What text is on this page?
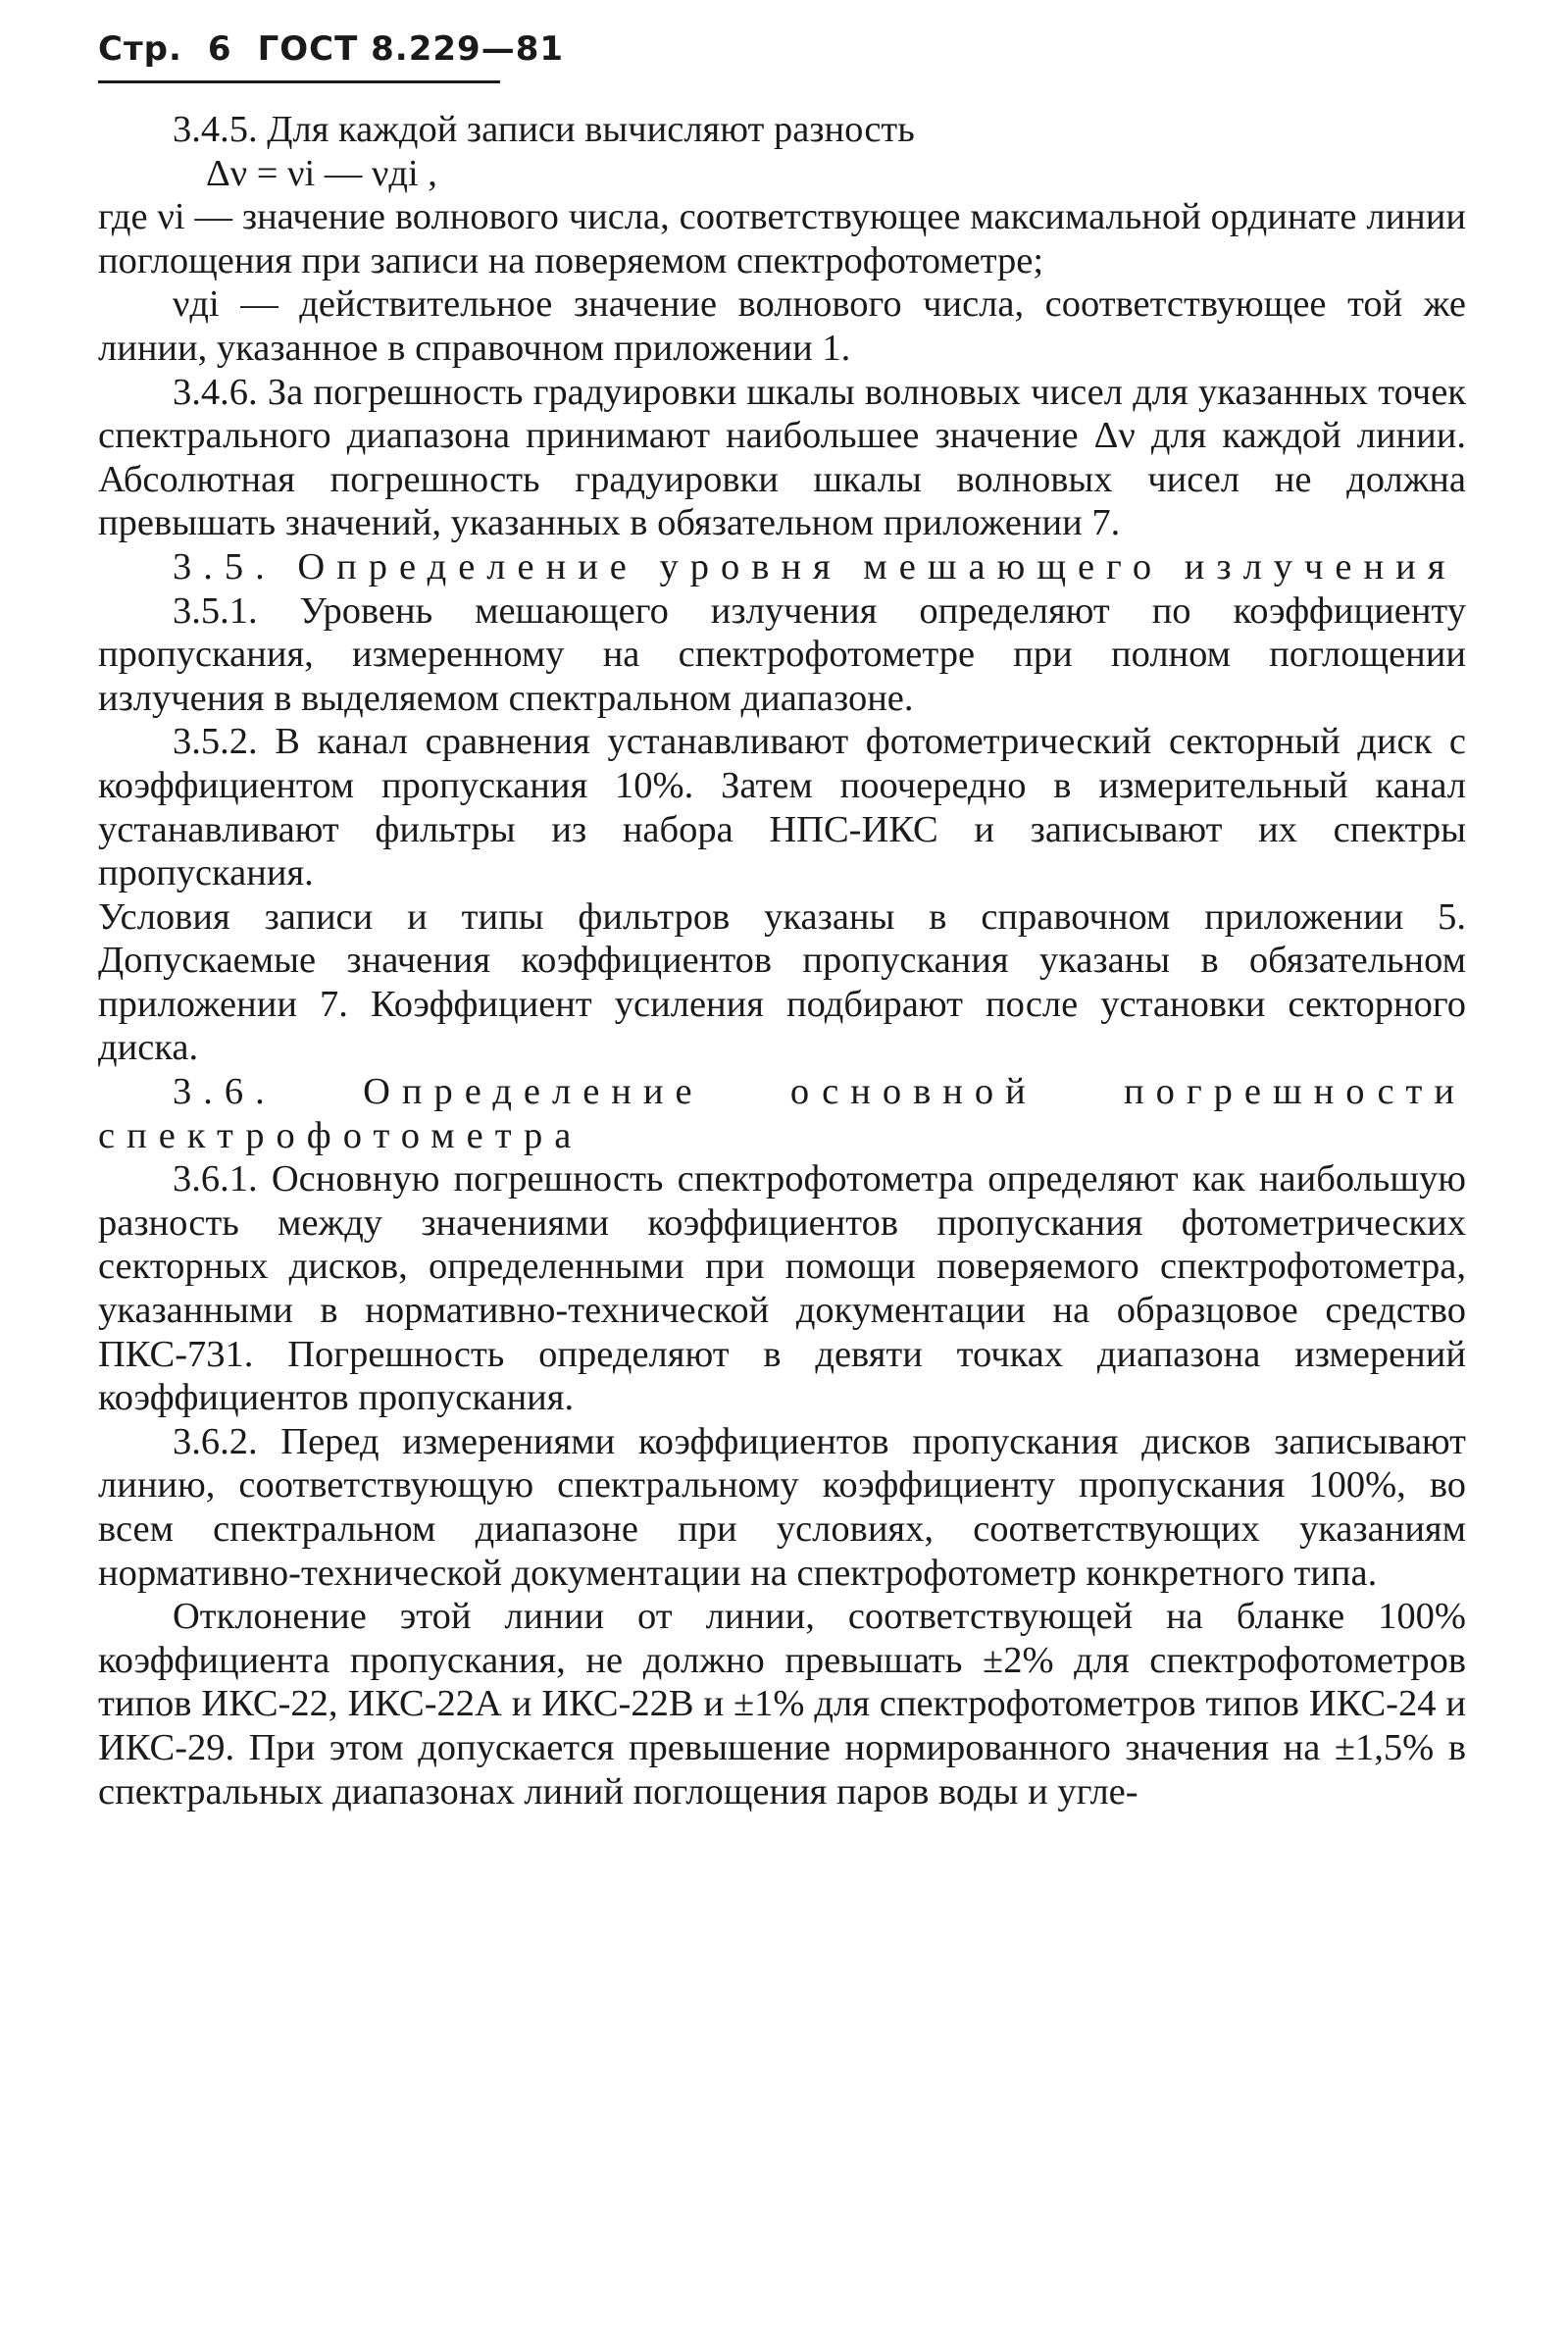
Стр. 6 ГОСТ 8.229—81

3.4.5. Для каждой записи вычисляют разность

Δν = νi — νдi ,

где νi — значение волнового числа, соответствующее максимальной ординате линии поглощения при записи на поверяемом спектрофотометре;

νдi — действительное значение волнового числа, соответствующее той же линии, указанное в справочном приложении 1.

3.4.6. За погрешность градуировки шкалы волновых чисел для указанных точек спектрального диапазона принимают наибольшее значение Δν для каждой линии. Абсолютная погрешность градуировки шкалы волновых чисел не должна превышать значений, указанных в обязательном приложении 7.

3.5. Определение уровня мешающего излучения

3.5.1. Уровень мешающего излучения определяют по коэффициенту пропускания, измеренному на спектрофотометре при полном поглощении излучения в выделяемом спектральном диапазоне.

3.5.2. В канал сравнения устанавливают фотометрический секторный диск с коэффициентом пропускания 10%. Затем поочередно в измерительный канал устанавливают фильтры из набора НПС-ИКС и записывают их спектры пропускания.

Условия записи и типы фильтров указаны в справочном приложении 5. Допускаемые значения коэффициентов пропускания указаны в обязательном приложении 7. Коэффициент усиления подбирают после установки секторного диска.

3.6. Определение основной погрешности спектрофотометра

3.6.1. Основную погрешность спектрофотометра определяют как наибольшую разность между значениями коэффициентов пропускания фотометрических секторных дисков, определенными при помощи поверяемого спектрофотометра, указанными в нормативно-технической документации на образцовое средство ПКС-731. Погрешность определяют в девяти точках диапазона измерений коэффициентов пропускания.

3.6.2. Перед измерениями коэффициентов пропускания дисков записывают линию, соответствующую спектральному коэффициенту пропускания 100%, во всем спектральном диапазоне при условиях, соответствующих указаниям нормативно-технической документации на спектрофотометр конкретного типа.

Отклонение этой линии от линии, соответствующей на бланке 100% коэффициента пропускания, не должно превышать ±2% для спектрофотометров типов ИКС-22, ИКС-22А и ИКС-22В и ±1% для спектрофотометров типов ИКС-24 и ИКС-29. При этом допускается превышение нормированного значения на ±1,5% в спектральных диапазонах линий поглощения паров воды и угле-
